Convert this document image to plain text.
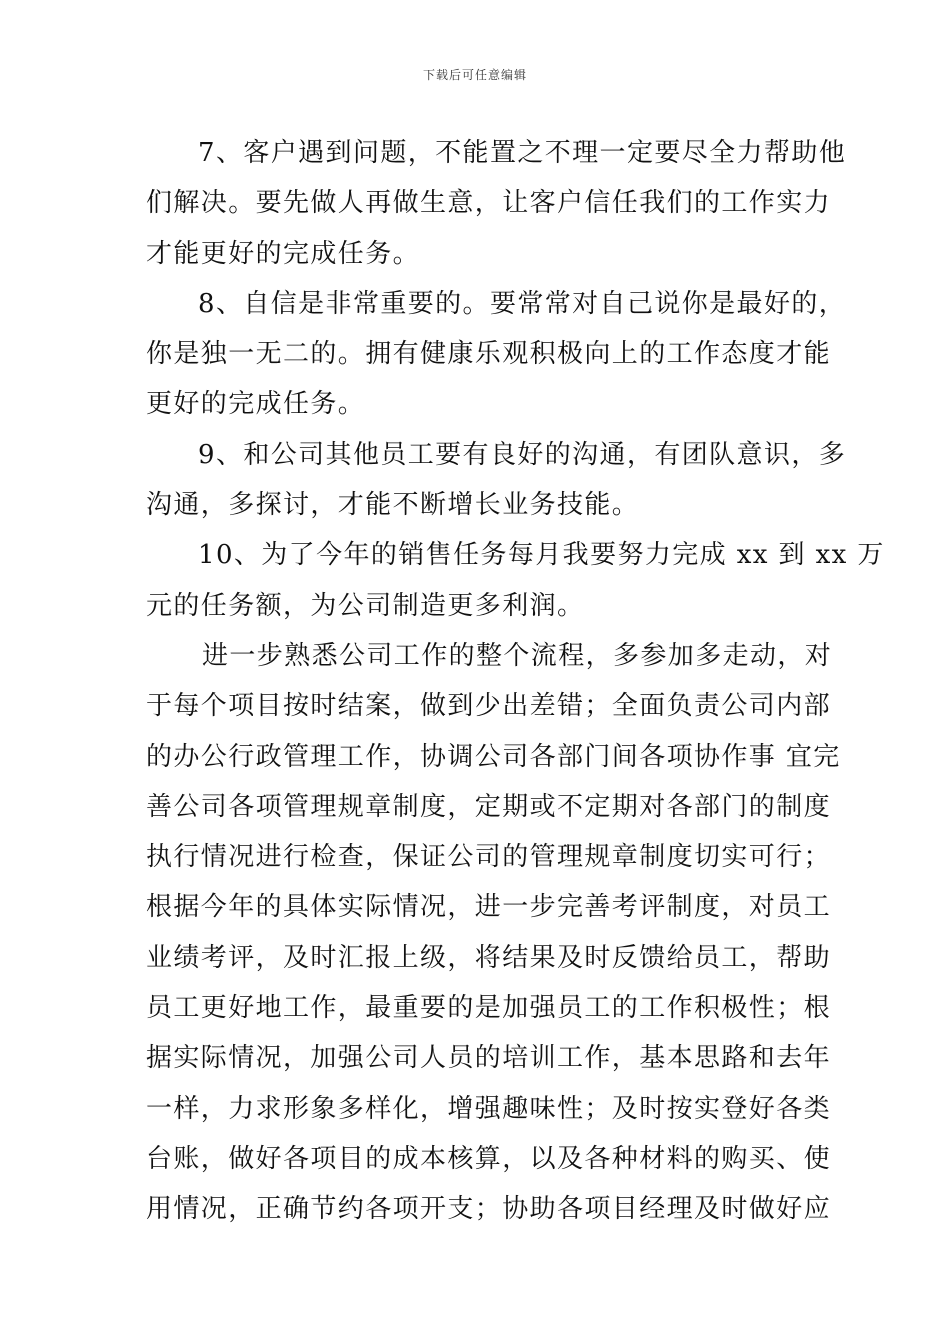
下载后可任意编辑

7、客户遇到问题，不能置之不理一定要尽全力帮助他
们解决。要先做人再做生意，让客户信任我们的工作实力
才能更好的完成任务。

8、自信是非常重要的。要常常对自己说你是最好的，
你是独一无二的。拥有健康乐观积极向上的工作态度才能
更好的完成任务。

9、和公司其他员工要有良好的沟通，有团队意识，多
沟通，多探讨，才能不断增长业务技能。

10、为了今年的销售任务每月我要努力完成 xx 到 xx 万
元的任务额，为公司制造更多利润。

进一步熟悉公司工作的整个流程，多参加多走动，对
于每个项目按时结案，做到少出差错；全面负责公司内部
的办公行政管理工作，协调公司各部门间各项协作事 宜完
善公司各项管理规章制度，定期或不定期对各部门的制度
执行情况进行检查，保证公司的管理规章制度切实可行；
根据今年的具体实际情况，进一步完善考评制度，对员工
业绩考评，及时汇报上级，将结果及时反馈给员工，帮助
员工更好地工作，最重要的是加强员工的工作积极性；根
据实际情况，加强公司人员的培训工作，基本思路和去年
一样，力求形象多样化，增强趣味性；及时按实登好各类
台账，做好各项目的成本核算，以及各种材料的购买、使
用情况，正确节约各项开支；协助各项目经理及时做好应
